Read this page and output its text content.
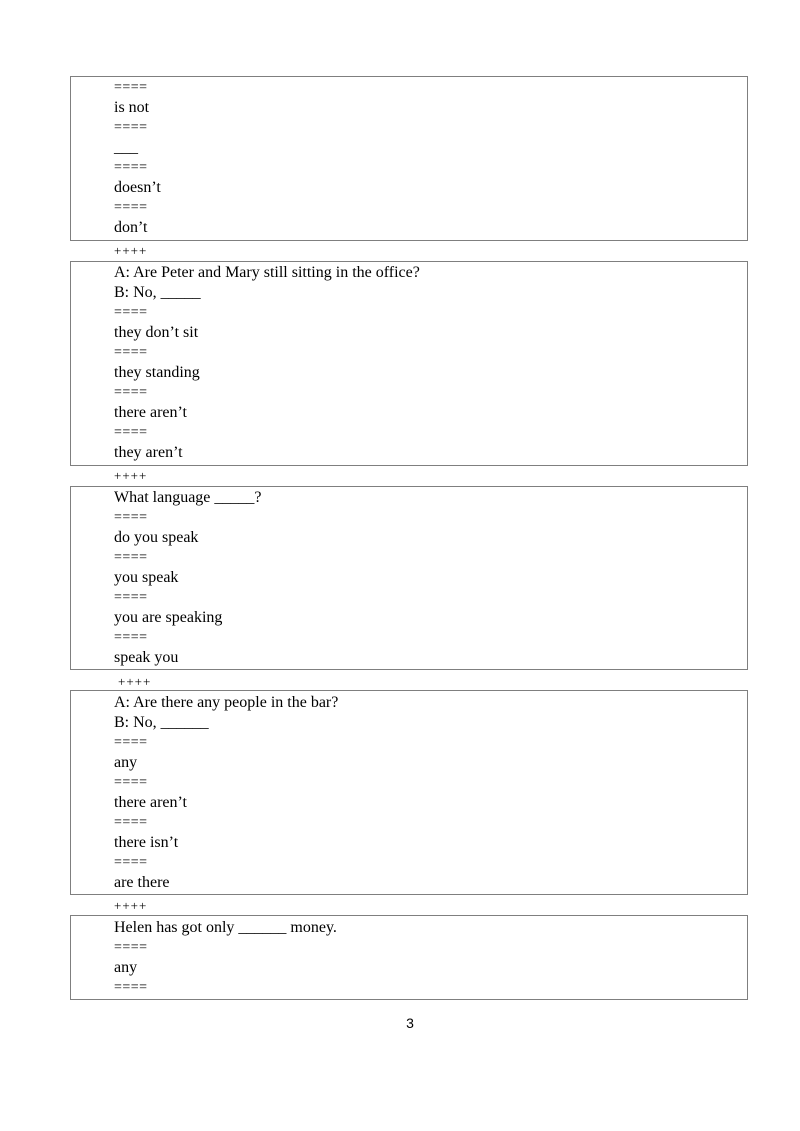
====
is not
====
___
====
doesn’t
====
don’t
++++
A: Are Peter and Mary still sitting in the office?
B: No, _____
====
they don’t sit
====
they standing
====
there aren’t
====
they aren’t
++++
What language _____?
====
do you speak
====
you speak
====
you are speaking
====
speak you
++++
A: Are there any people in the bar?
B: No, ______
====
any
====
there aren’t
====
there isn’t
====
are there
++++
Helen has got only ______ money.
====
any
====
3
